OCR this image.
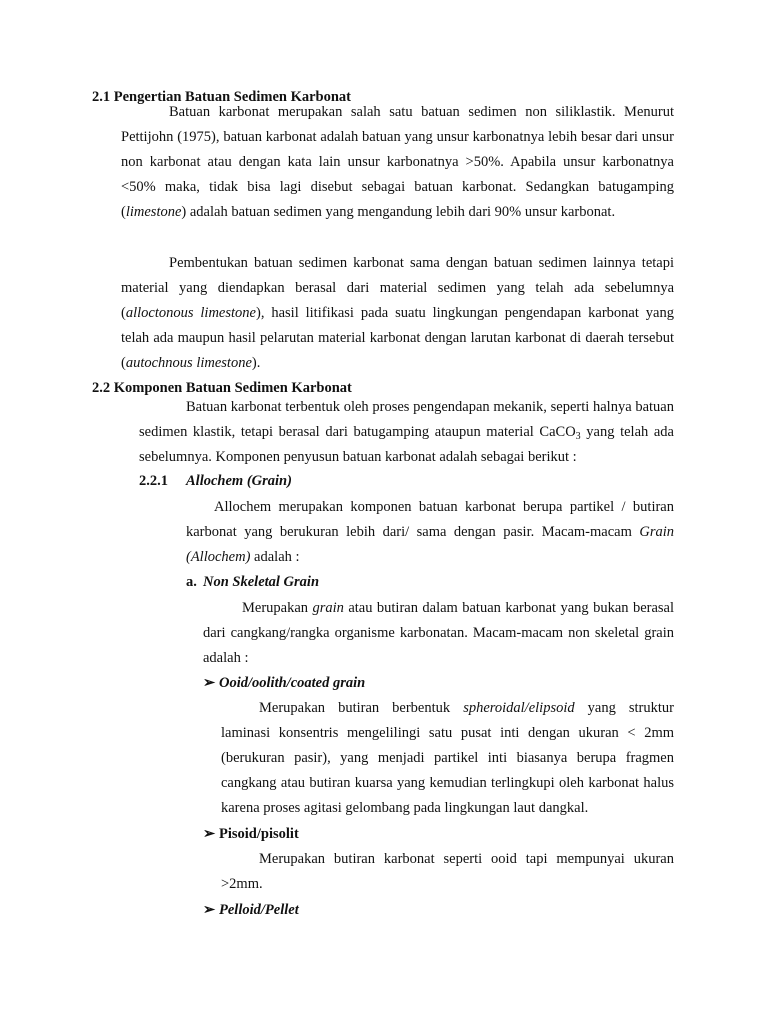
2.1 Pengertian Batuan Sedimen Karbonat

Batuan karbonat merupakan salah satu batuan sedimen non siliklastik. Menurut Pettijohn (1975), batuan karbonat adalah batuan yang unsur karbonatnya lebih besar dari unsur non karbonat atau dengan kata lain unsur karbonatnya >50%. Apabila unsur karbonatnya <50% maka, tidak bisa lagi disebut sebagai batuan karbonat. Sedangkan batugamping (limestone) adalah batuan sedimen yang mengandung lebih dari 90% unsur karbonat.

Pembentukan batuan sedimen karbonat sama dengan batuan sedimen lainnya tetapi material yang diendapkan berasal dari material sedimen yang telah ada sebelumnya (alloctonous limestone), hasil litifikasi pada suatu lingkungan pengendapan karbonat yang telah ada maupun hasil pelarutan material karbonat dengan larutan karbonat di daerah tersebut (autochnous limestone).

2.2 Komponen Batuan Sedimen Karbonat

Batuan karbonat terbentuk oleh proses pengendapan mekanik, seperti halnya batuan sedimen klastik, tetapi berasal dari batugamping ataupun material CaCO$_3$ yang telah ada sebelumnya. Komponen penyusun batuan karbonat adalah sebagai berikut :

2.2.1 Allochem (Grain)

Allochem merupakan komponen batuan karbonat berupa partikel / butiran karbonat yang berukuran lebih dari/ sama dengan pasir. Macam-macam Grain (Allochem) adalah :

a. Non Skeletal Grain

Merupakan grain atau butiran dalam batuan karbonat yang bukan berasal dari cangkang/rangka organisme karbonatan. Macam-macam non skeletal grain adalah :

➢ Ooid/oolith/coated grain

Merupakan butiran berbentuk spheroidal/elipsoid yang struktur laminasi konsentris mengelilingi satu pusat inti dengan ukuran < 2mm (berukuran pasir), yang menjadi partikel inti biasanya berupa fragmen cangkang atau butiran kuarsa yang kemudian terlingkupi oleh karbonat halus karena proses agitasi gelombang pada lingkungan laut dangkal.

➢ Pisoid/pisolit

Merupakan butiran karbonat seperti ooid tapi mempunyai ukuran >2mm.

➢ Pelloid/Pellet
